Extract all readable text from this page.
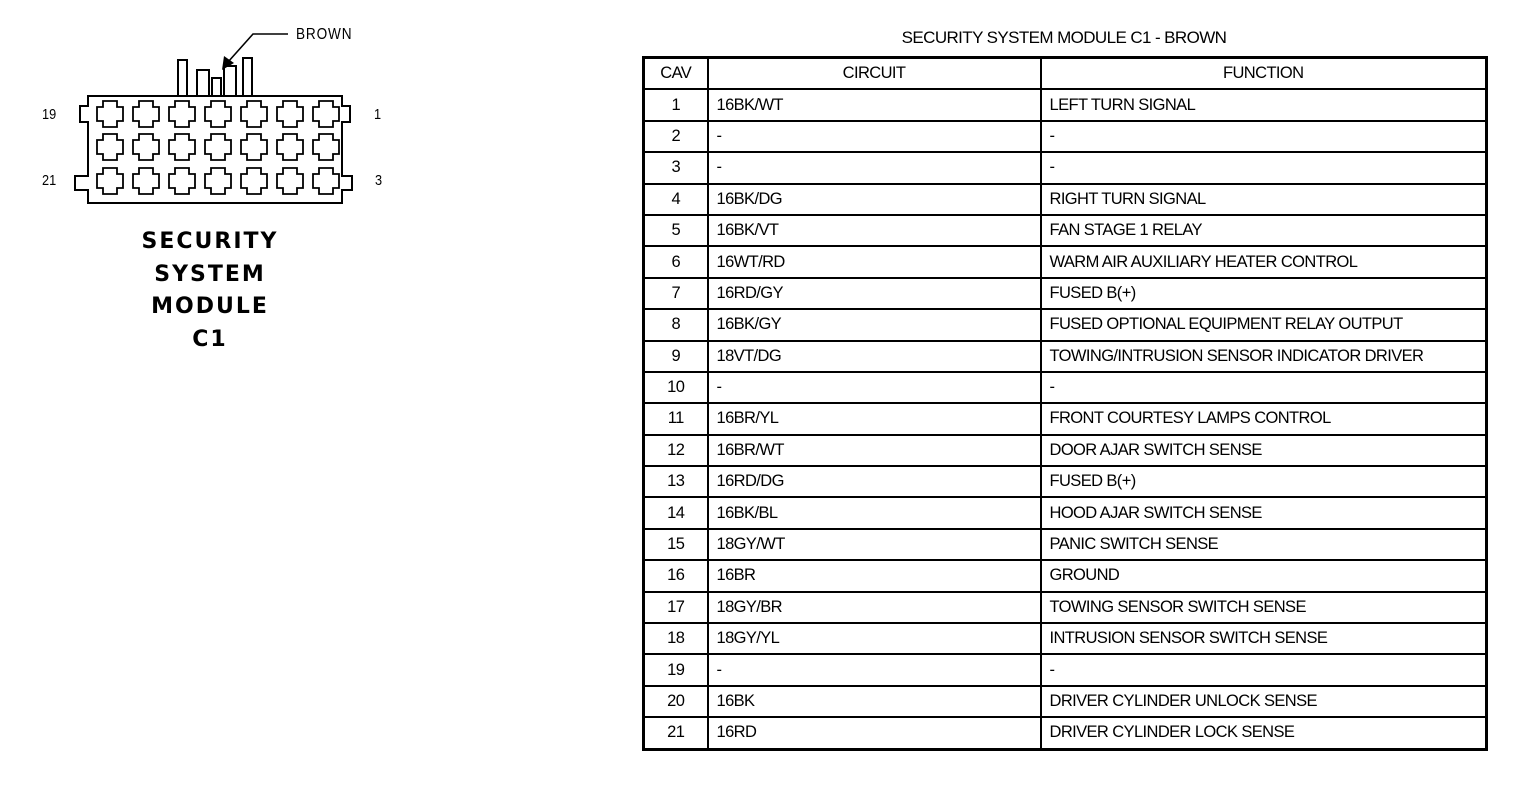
19	1
21	3
BROWN
SECURITY
SYSTEM
MODULE
C1
SECURITY SYSTEM MODULE C1 - BROWN
CAV	CIRCUIT	FUNCTION
1	16BK/WT	LEFT TURN SIGNAL
2	-	-
3	-	-
4	16BK/DG	RIGHT TURN SIGNAL
5	16BK/VT	FAN STAGE 1 RELAY
6	16WT/RD	WARM AIR AUXILIARY HEATER CONTROL
7	16RD/GY	FUSED B(+)
8	16BK/GY	FUSED OPTIONAL EQUIPMENT RELAY OUTPUT
9	18VT/DG	TOWING/INTRUSION SENSOR INDICATOR DRIVER
10	-	-
11	16BR/YL	FRONT COURTESY LAMPS CONTROL
12	16BR/WT	DOOR AJAR SWITCH SENSE
13	16RD/DG	FUSED B(+)
14	16BK/BL	HOOD AJAR SWITCH SENSE
15	18GY/WT	PANIC SWITCH SENSE
16	16BR	GROUND
17	18GY/BR	TOWING SENSOR SWITCH SENSE
18	18GY/YL	INTRUSION SENSOR SWITCH SENSE
19	-	-
20	16BK	DRIVER CYLINDER UNLOCK SENSE
21	16RD	DRIVER CYLINDER LOCK SENSE
